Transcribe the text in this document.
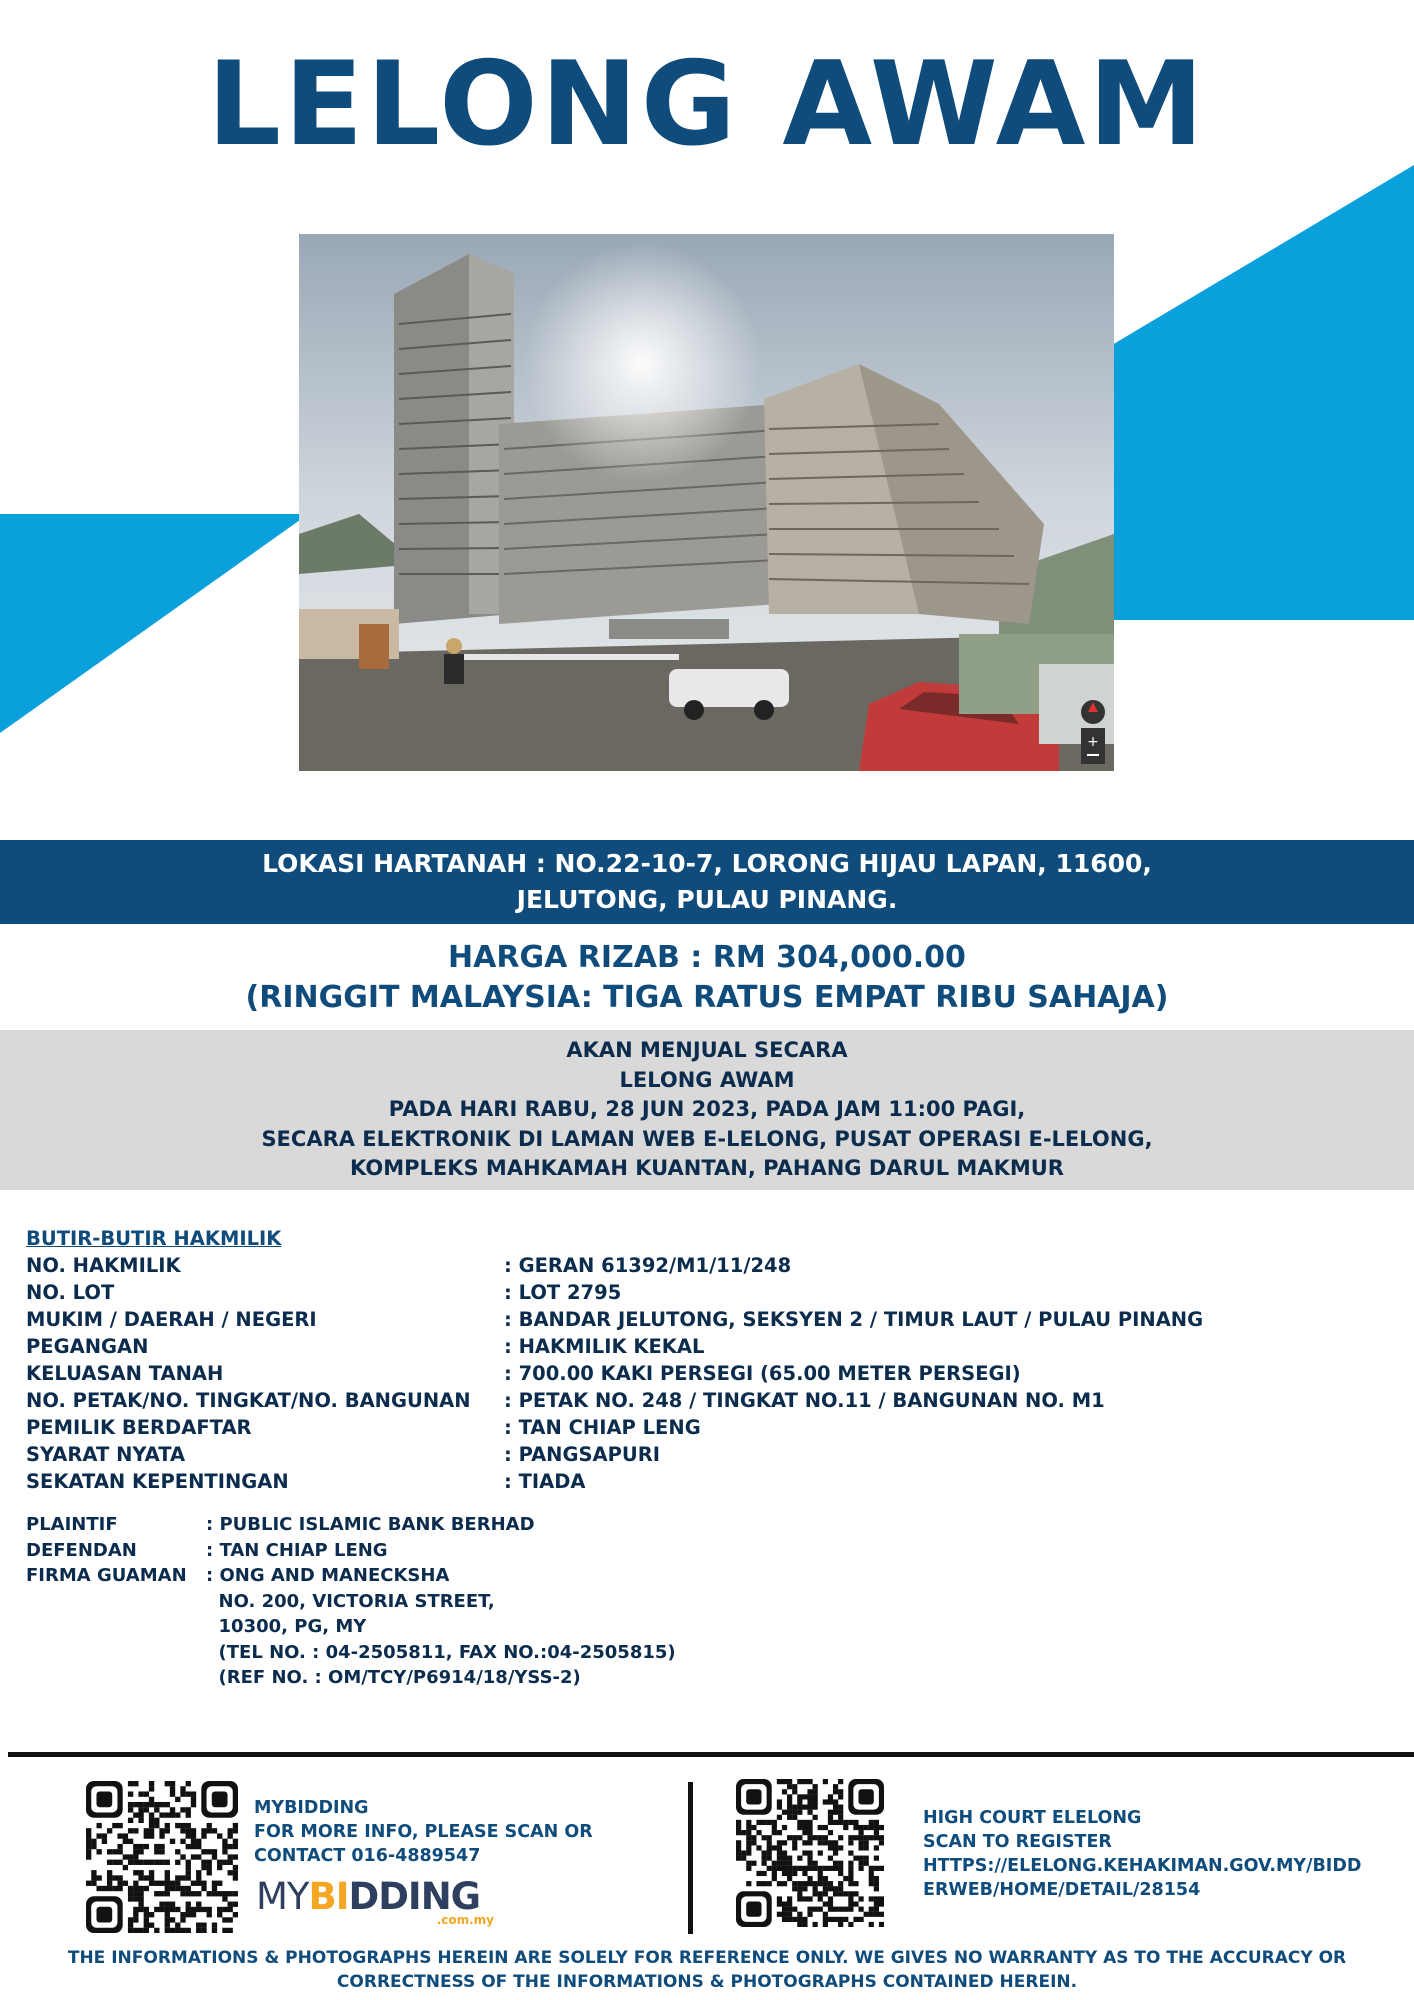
LELONG AWAM
+
LOKASI HARTANAH : NO.22-10-7, LORONG HIJAU LAPAN, 11600,
JELUTONG, PULAU PINANG.
HARGA RIZAB : RM 304,000.00
(RINGGIT MALAYSIA: TIGA RATUS EMPAT RIBU SAHAJA)
AKAN MENJUAL SECARA
LELONG AWAM
PADA HARI RABU, 28 JUN 2023, PADA JAM 11:00 PAGI,
SECARA ELEKTRONIK DI LAMAN WEB E-LELONG, PUSAT OPERASI E-LELONG,
KOMPLEKS MAHKAMAH KUANTAN, PAHANG DARUL MAKMUR
BUTIR-BUTIR HAKMILIK
NO. HAKMILIK	: GERAN 61392/M1/11/248
NO. LOT	: LOT 2795
MUKIM / DAERAH / NEGERI	: BANDAR JELUTONG, SEKSYEN 2 / TIMUR LAUT / PULAU PINANG
PEGANGAN	: HAKMILIK KEKAL
KELUASAN TANAH	: 700.00 KAKI PERSEGI (65.00 METER PERSEGI)
NO. PETAK/NO. TINGKAT/NO. BANGUNAN	: PETAK NO. 248 / TINGKAT NO.11 / BANGUNAN NO. M1
PEMILIK BERDAFTAR	: TAN CHIAP LENG
SYARAT NYATA	: PANGSAPURI
SEKATAN KEPENTINGAN	: TIADA
PLAINTIF	: PUBLIC ISLAMIC BANK BERHAD
DEFENDAN	: TAN CHIAP LENG
FIRMA GUAMAN	: ONG AND MANECKSHA
NO. 200, VICTORIA STREET,
10300, PG, MY
(TEL NO. : 04-2505811, FAX NO.:04-2505815)
(REF NO. : OM/TCY/P6914/18/YSS-2)
MYBIDDING
FOR MORE INFO, PLEASE SCAN OR
CONTACT 016-4889547
MYBIDDING
.com.my
HIGH COURT ELELONG
SCAN TO REGISTER
HTTPS://ELELONG.KEHAKIMAN.GOV.MY/BIDD
ERWEB/HOME/DETAIL/28154
THE INFORMATIONS & PHOTOGRAPHS HEREIN ARE SOLELY FOR REFERENCE ONLY. WE GIVES NO WARRANTY AS TO THE ACCURACY OR
CORRECTNESS OF THE INFORMATIONS & PHOTOGRAPHS CONTAINED HEREIN.
